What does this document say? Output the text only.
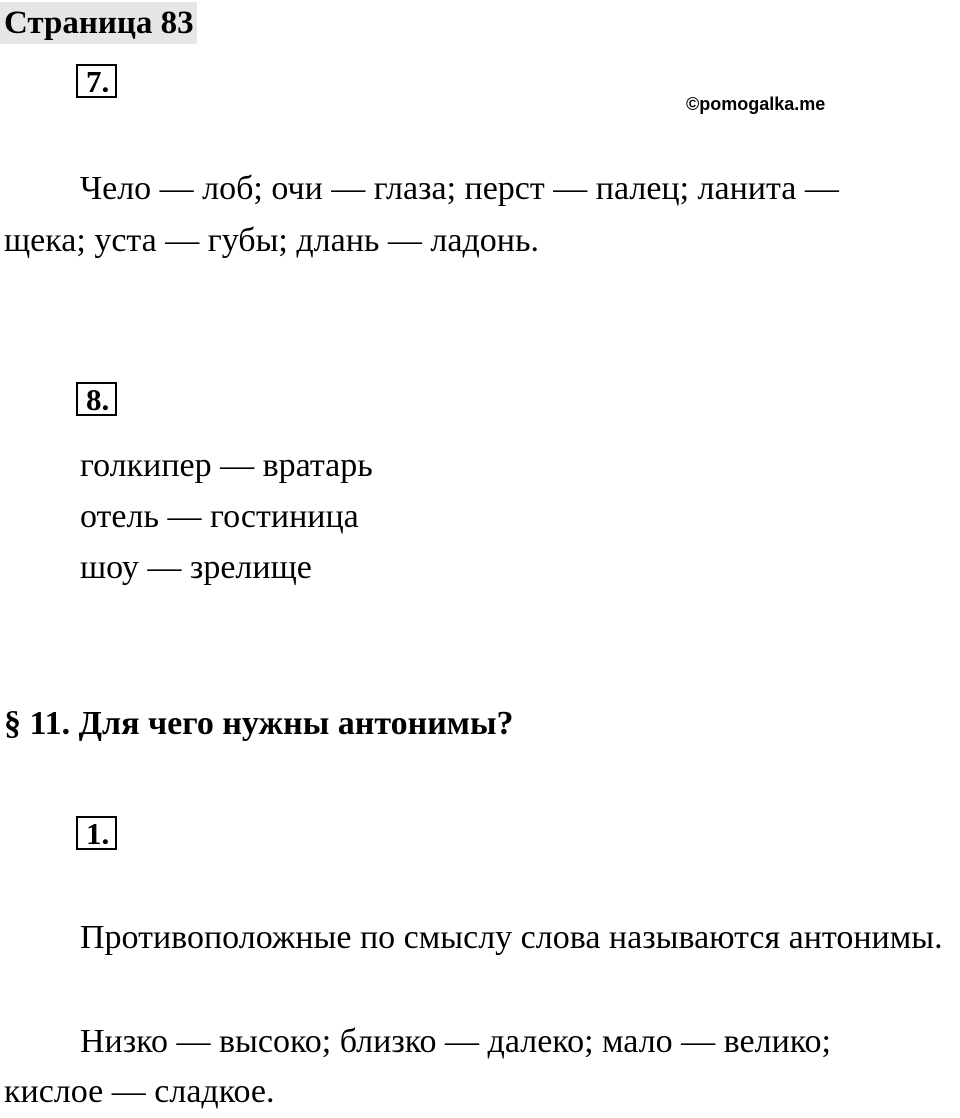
Страница 83
7.
©pomogalka.me
Чело — лоб; очи — глаза; перст — палец; ланита —
щека; уста — губы; длань — ладонь.
8.
голкипер — вратарь
отель — гостиница
шоу — зрелище
§ 11. Для чего нужны антонимы?
1.
Противоположные по смыслу слова называются антонимы.
Низко — высоко; близко — далеко; мало — велико;
кислое — сладкое.
